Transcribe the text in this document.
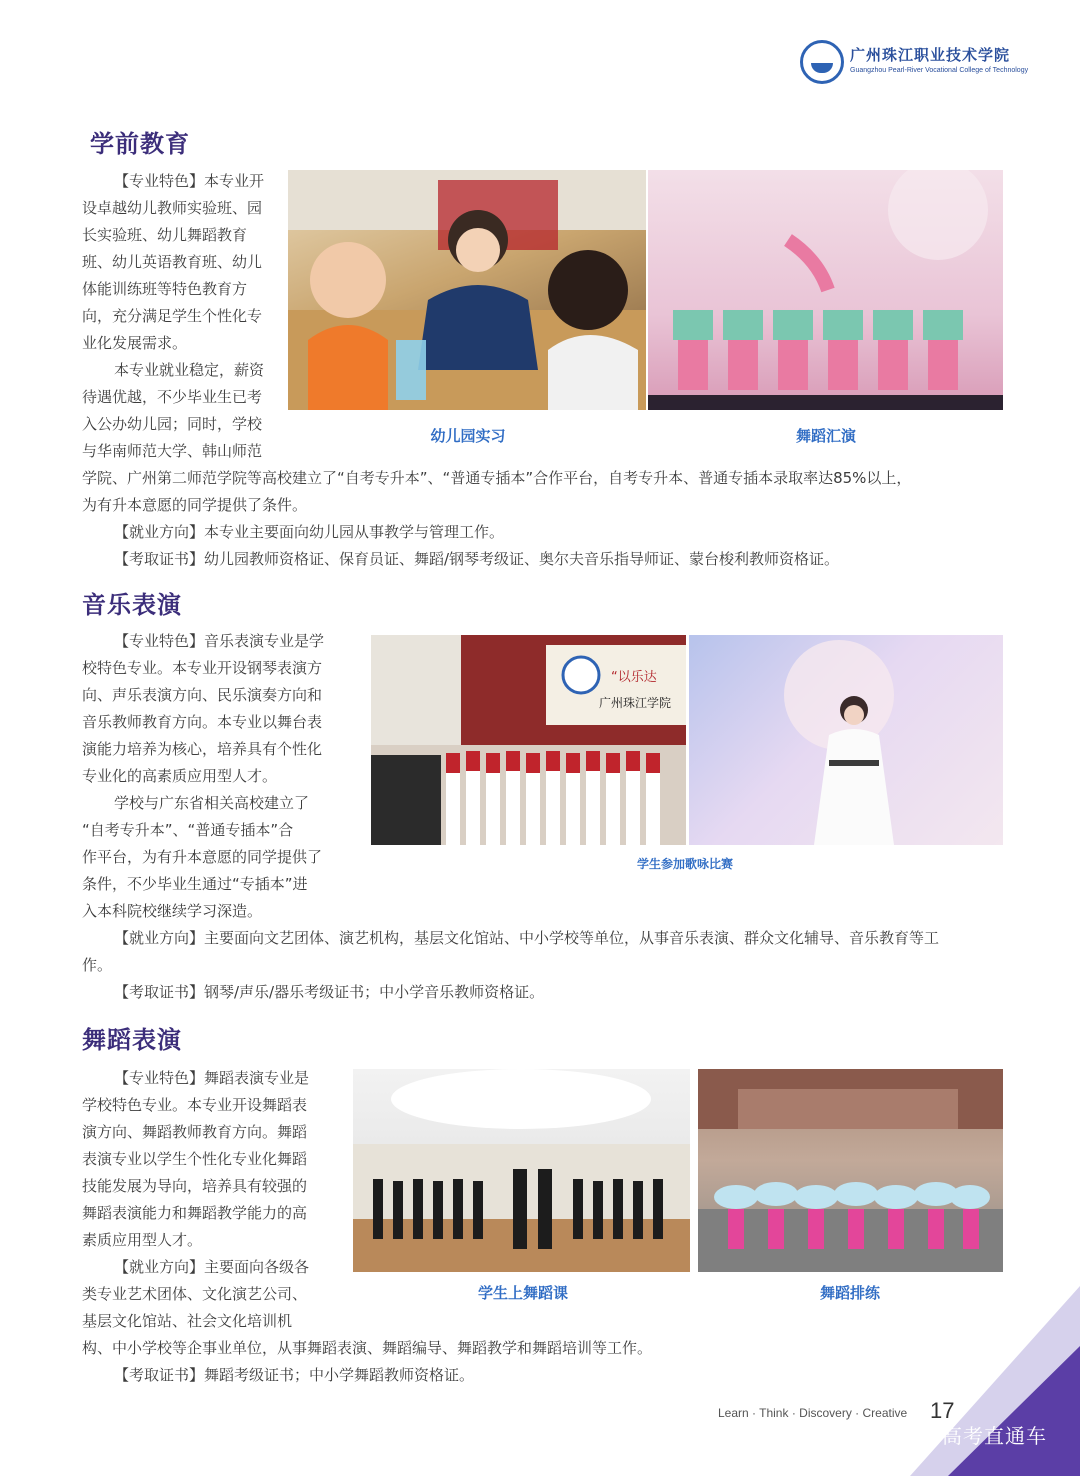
广州珠江职业技术学院
Guangzhou Pearl-River Vocational College of Technology
学前教育
【专业特色】本专业开
设卓越幼儿教师实验班、园
长实验班、幼儿舞蹈教育
班、幼儿英语教育班、幼儿
体能训练班等特色教育方
向，充分满足学生个性化专
业化发展需求。
本专业就业稳定，薪资
待遇优越，不少毕业生已考
入公办幼儿园；同时，学校
与华南师范大学、韩山师范
幼儿园实习	舞蹈汇演
学院、广州第二师范学院等高校建立了“自考专升本”、“普通专插本”合作平台，自考专升本、普通专插本录取率达85%以上，
为有升本意愿的同学提供了条件。
【就业方向】本专业主要面向幼儿园从事教学与管理工作。
【考取证书】幼儿园教师资格证、保育员证、舞蹈/钢琴考级证、奥尔夫音乐指导师证、蒙台梭利教师资格证。
音乐表演
【专业特色】音乐表演专业是学
校特色专业。本专业开设钢琴表演方
向、声乐表演方向、民乐演奏方向和
音乐教师教育方向。本专业以舞台表
演能力培养为核心，培养具有个性化
专业化的高素质应用型人才。
学校与广东省相关高校建立了
“自考专升本”、“普通专插本”合
作平台，为有升本意愿的同学提供了
条件，不少毕业生通过“专插本”进
入本科院校继续学习深造。
“以乐达
广州珠江学院
学生参加歌咏比赛
【就业方向】主要面向文艺团体、演艺机构，基层文化馆站、中小学校等单位，从事音乐表演、群众文化辅导、音乐教育等工
作。
【考取证书】钢琴/声乐/器乐考级证书；中小学音乐教师资格证。
舞蹈表演
【专业特色】舞蹈表演专业是
学校特色专业。本专业开设舞蹈表
演方向、舞蹈教师教育方向。舞蹈
表演专业以学生个性化专业化舞蹈
技能发展为导向，培养具有较强的
舞蹈表演能力和舞蹈教学能力的高
素质应用型人才。
【就业方向】主要面向各级各
类专业艺术团体、文化演艺公司、
基层文化馆站、社会文化培训机
学生上舞蹈课	舞蹈排练
构、中小学校等企事业单位，从事舞蹈表演、舞蹈编导、舞蹈教学和舞蹈培训等工作。
【考取证书】舞蹈考级证书；中小学舞蹈教师资格证。
Learn · Think · Discovery · Creative 17
高考直通车
